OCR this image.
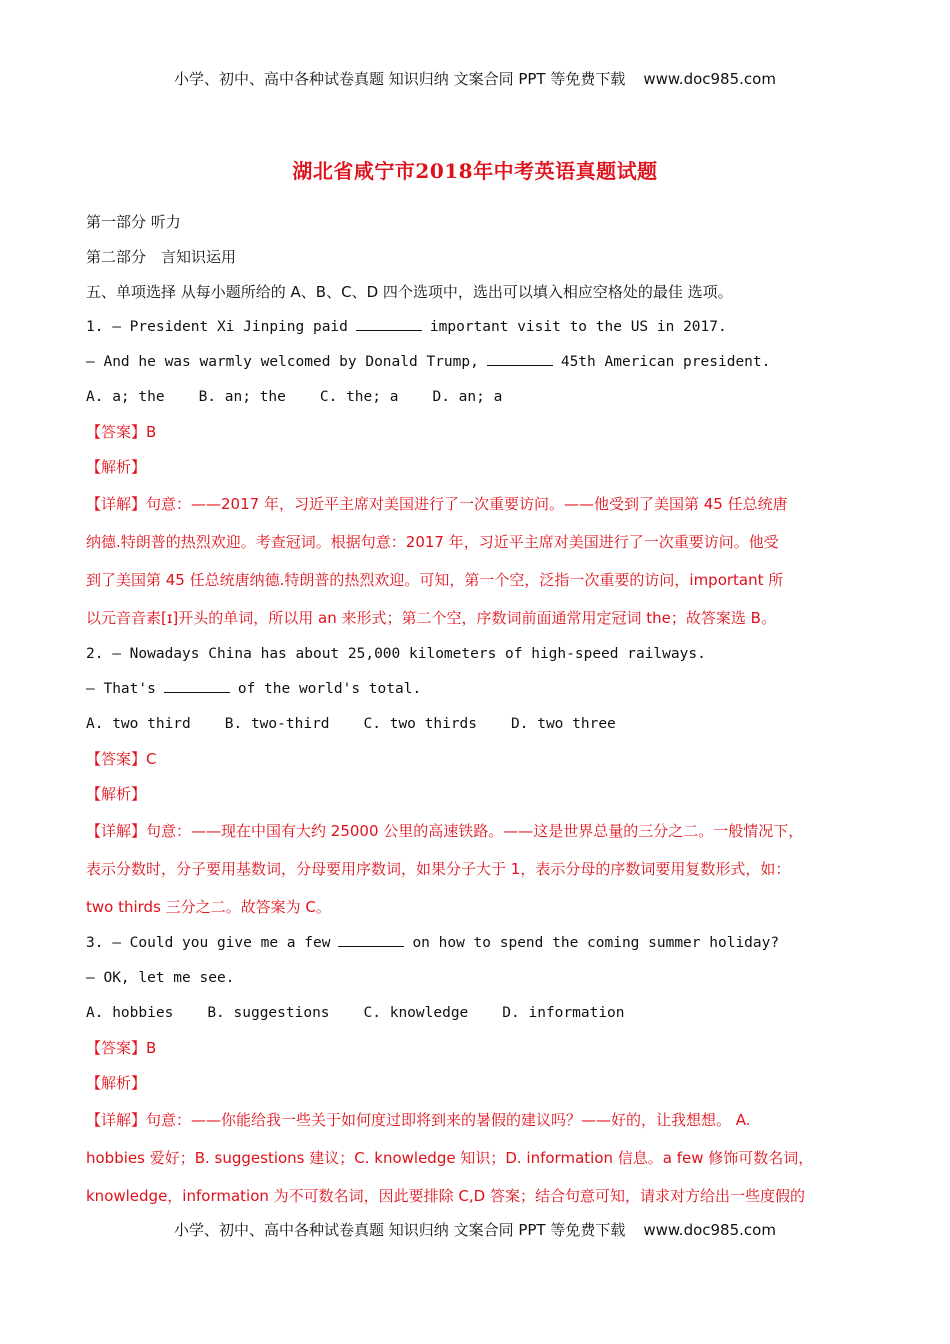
小学、初中、高中各种试卷真题 知识归纳 文案合同 PPT 等免费下载 www.doc985.com
湖北省咸宁市2018年中考英语真题试题
第一部分 听力
第二部分　言知识运用
五、单项选择 从每小题所给的 A、B、C、D 四个选项中，选出可以填入相应空格处的最佳 选项。
1. — President Xi Jinping paid	important visit to the US in 2017.
— And he was warmly welcomed by Donald Trump,	45th American president.
A. a; the B. an; the C. the; a D. an; a
【答案】B
【解析】
【详解】句意：——2017 年，习近平主席对美国进行了一次重要访问。——他受到了美国第 45 任总统唐
纳德.特朗普的热烈欢迎。考查冠词。根据句意：2017 年，习近平主席对美国进行了一次重要访问。他受
到了美国第 45 任总统唐纳德.特朗普的热烈欢迎。可知，第一个空，泛指一次重要的访问，important 所
以元音音素[ɪ]开头的单词，所以用 an 来形式；第二个空，序数词前面通常用定冠词 the；故答案选 B。
2. — Nowadays China has about 25,000 kilometers of high-speed railways.
— That's	of the world's total.
A. two third B. two-third C. two thirds D. two three
【答案】C
【解析】
【详解】句意：——现在中国有大约 25000 公里的高速铁路。——这是世界总量的三分之二。一般情况下，
表示分数时，分子要用基数词，分母要用序数词，如果分子大于 1，表示分母的序数词要用复数形式，如：
two thirds 三分之二。故答案为 C。
3. — Could you give me a few	on how to spend the coming summer holiday?
— OK, let me see.
A. hobbies B. suggestions C. knowledge D. information
【答案】B
【解析】
【详解】句意：——你能给我一些关于如何度过即将到来的暑假的建议吗？——好的，让我想想。 A.
hobbies 爱好；B. suggestions 建议；C. knowledge 知识；D. information 信息。a few 修饰可数名词，
knowledge，information 为不可数名词，因此要排除 C,D 答案；结合句意可知，请求对方给出一些度假的
小学、初中、高中各种试卷真题 知识归纳 文案合同 PPT 等免费下载 www.doc985.com
